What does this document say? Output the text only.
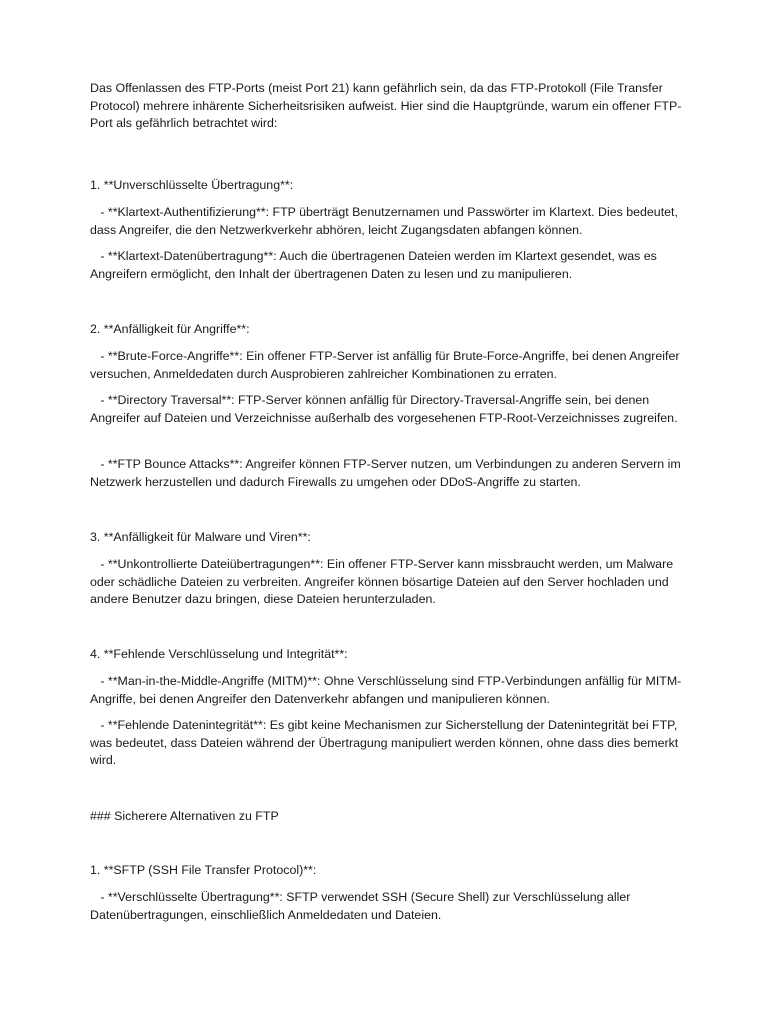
Das Offenlassen des FTP-Ports (meist Port 21) kann gefährlich sein, da das FTP-Protokoll (File Transfer Protocol) mehrere inhärente Sicherheitsrisiken aufweist. Hier sind die Hauptgründe, warum ein offener FTP-Port als gefährlich betrachtet wird:

1. **Unverschlüsselte Übertragung**:

- **Klartext-Authentifizierung**: FTP überträgt Benutzernamen und Passwörter im Klartext. Dies bedeutet, dass Angreifer, die den Netzwerkverkehr abhören, leicht Zugangsdaten abfangen können.

- **Klartext-Datenübertragung**: Auch die übertragenen Dateien werden im Klartext gesendet, was es Angreifern ermöglicht, den Inhalt der übertragenen Daten zu lesen und zu manipulieren.

2. **Anfälligkeit für Angriffe**:

- **Brute-Force-Angriffe**: Ein offener FTP-Server ist anfällig für Brute-Force-Angriffe, bei denen Angreifer versuchen, Anmeldedaten durch Ausprobieren zahlreicher Kombinationen zu erraten.

- **Directory Traversal**: FTP-Server können anfällig für Directory-Traversal-Angriffe sein, bei denen Angreifer auf Dateien und Verzeichnisse außerhalb des vorgesehenen FTP-Root-Verzeichnisses zugreifen.

- **FTP Bounce Attacks**: Angreifer können FTP-Server nutzen, um Verbindungen zu anderen Servern im Netzwerk herzustellen und dadurch Firewalls zu umgehen oder DDoS-Angriffe zu starten.

3. **Anfälligkeit für Malware und Viren**:

- **Unkontrollierte Dateiübertragungen**: Ein offener FTP-Server kann missbraucht werden, um Malware oder schädliche Dateien zu verbreiten. Angreifer können bösartige Dateien auf den Server hochladen und andere Benutzer dazu bringen, diese Dateien herunterzuladen.

4. **Fehlende Verschlüsselung und Integrität**:

- **Man-in-the-Middle-Angriffe (MITM)**: Ohne Verschlüsselung sind FTP-Verbindungen anfällig für MITM-Angriffe, bei denen Angreifer den Datenverkehr abfangen und manipulieren können.

- **Fehlende Datenintegrität**: Es gibt keine Mechanismen zur Sicherstellung der Datenintegrität bei FTP, was bedeutet, dass Dateien während der Übertragung manipuliert werden können, ohne dass dies bemerkt wird.

### Sicherere Alternativen zu FTP

1. **SFTP (SSH File Transfer Protocol)**:

- **Verschlüsselte Übertragung**: SFTP verwendet SSH (Secure Shell) zur Verschlüsselung aller Datenübertragungen, einschließlich Anmeldedaten und Dateien.
